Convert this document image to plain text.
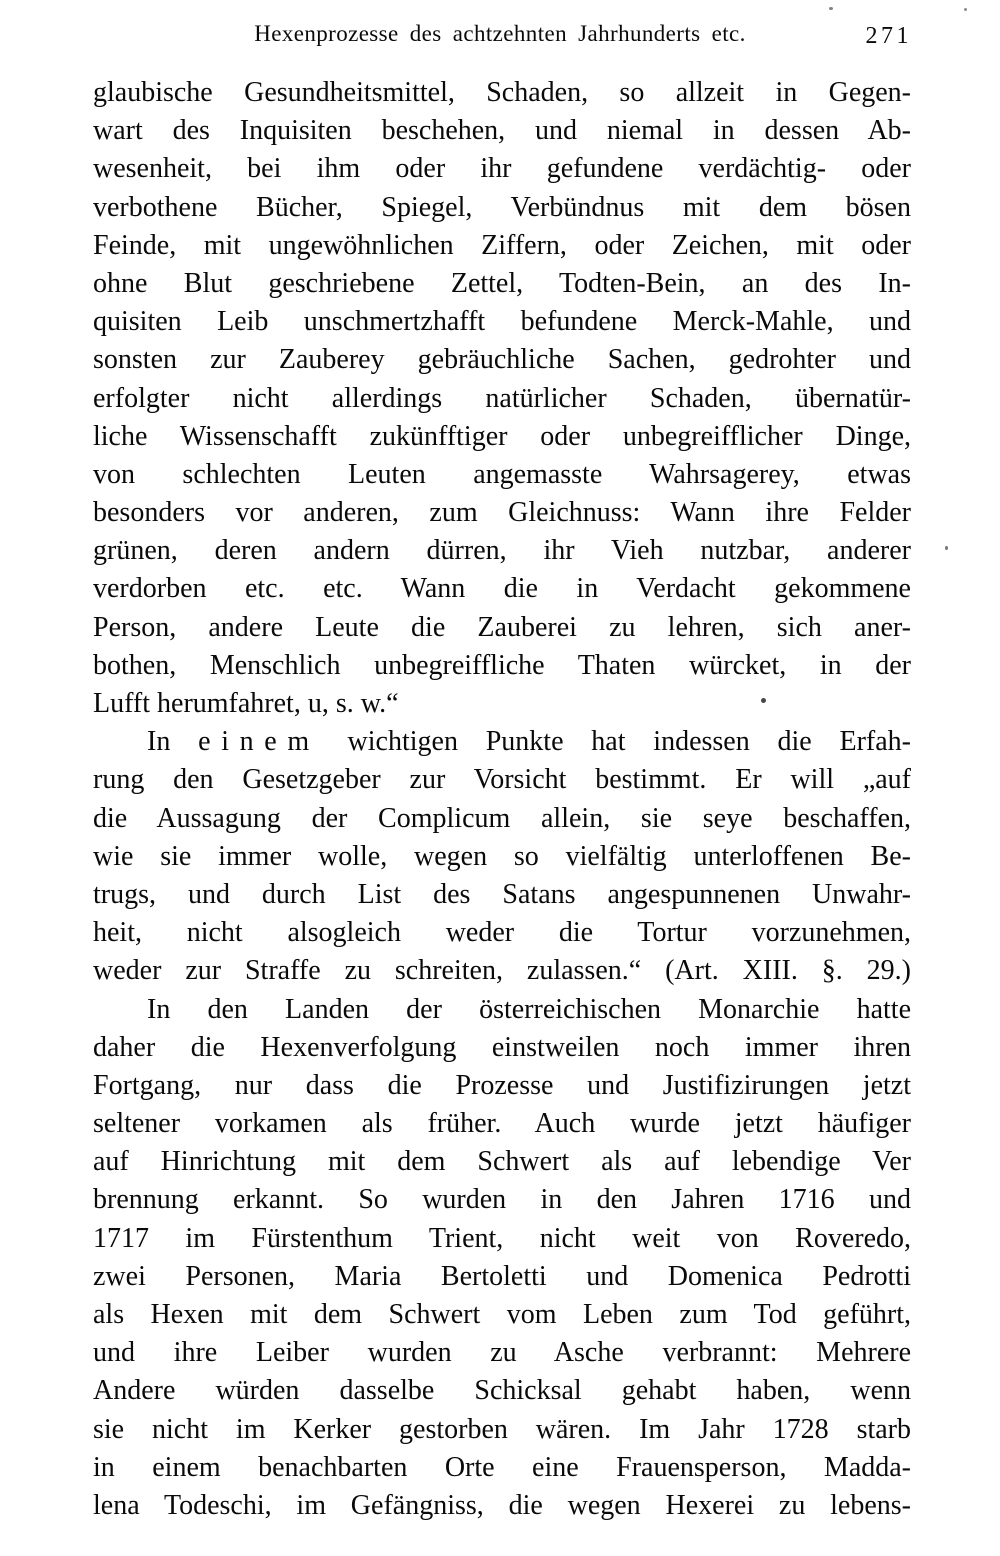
Hexenprozesse des achtzehnten Jahrhunderts etc.	271
glaubische Gesundheitsmittel, Schaden, so allzeit in Gegen-
wart des Inquisiten beschehen, und niemal in dessen Ab-
wesenheit, bei ihm oder ihr gefundene verdächtig- oder
verbothene Bücher, Spiegel, Verbündnus mit dem bösen
Feinde, mit ungewöhnlichen Ziffern, oder Zeichen, mit oder
ohne Blut geschriebene Zettel, Todten-Bein, an des In-
quisiten Leib unschmertzhafft befundene Merck-Mahle, und
sonsten zur Zauberey gebräuchliche Sachen, gedrohter und
erfolgter nicht allerdings natürlicher Schaden, übernatür-
liche Wissenschafft zukünfftiger oder unbegreifflicher Dinge,
von schlechten Leuten angemasste Wahrsagerey, etwas
besonders vor anderen, zum Gleichnuss: Wann ihre Felder
grünen, deren andern dürren, ihr Vieh nutzbar, anderer
verdorben etc. etc. Wann die in Verdacht gekommene
Person, andere Leute die Zauberei zu lehren, sich aner-
bothen, Menschlich unbegreiffliche Thaten würcket, in der
Lufft herumfahret, u, s. w.“
In einem wichtigen Punkte hat indessen die Erfah-
rung den Gesetzgeber zur Vorsicht bestimmt. Er will „auf
die Aussagung der Complicum allein, sie seye beschaffen,
wie sie immer wolle, wegen so vielfältig unterloffenen Be-
trugs, und durch List des Satans angespunnenen Unwahr-
heit, nicht alsogleich weder die Tortur vorzunehmen,
weder zur Straffe zu schreiten, zulassen.“ (Art. XIII. §. 29.)
In den Landen der österreichischen Monarchie hatte
daher die Hexenverfolgung einstweilen noch immer ihren
Fortgang, nur dass die Prozesse und Justifizirungen jetzt
seltener vorkamen als früher. Auch wurde jetzt häufiger
auf Hinrichtung mit dem Schwert als auf lebendige Ver
brennung erkannt. So wurden in den Jahren 1716 und
1717 im Fürstenthum Trient, nicht weit von Roveredo,
zwei Personen, Maria Bertoletti und Domenica Pedrotti
als Hexen mit dem Schwert vom Leben zum Tod geführt,
und ihre Leiber wurden zu Asche verbrannt: Mehrere
Andere würden dasselbe Schicksal gehabt haben, wenn
sie nicht im Kerker gestorben wären. Im Jahr 1728 starb
in einem benachbarten Orte eine Frauensperson, Madda-
lena Todeschi, im Gefängniss, die wegen Hexerei zu lebens-
